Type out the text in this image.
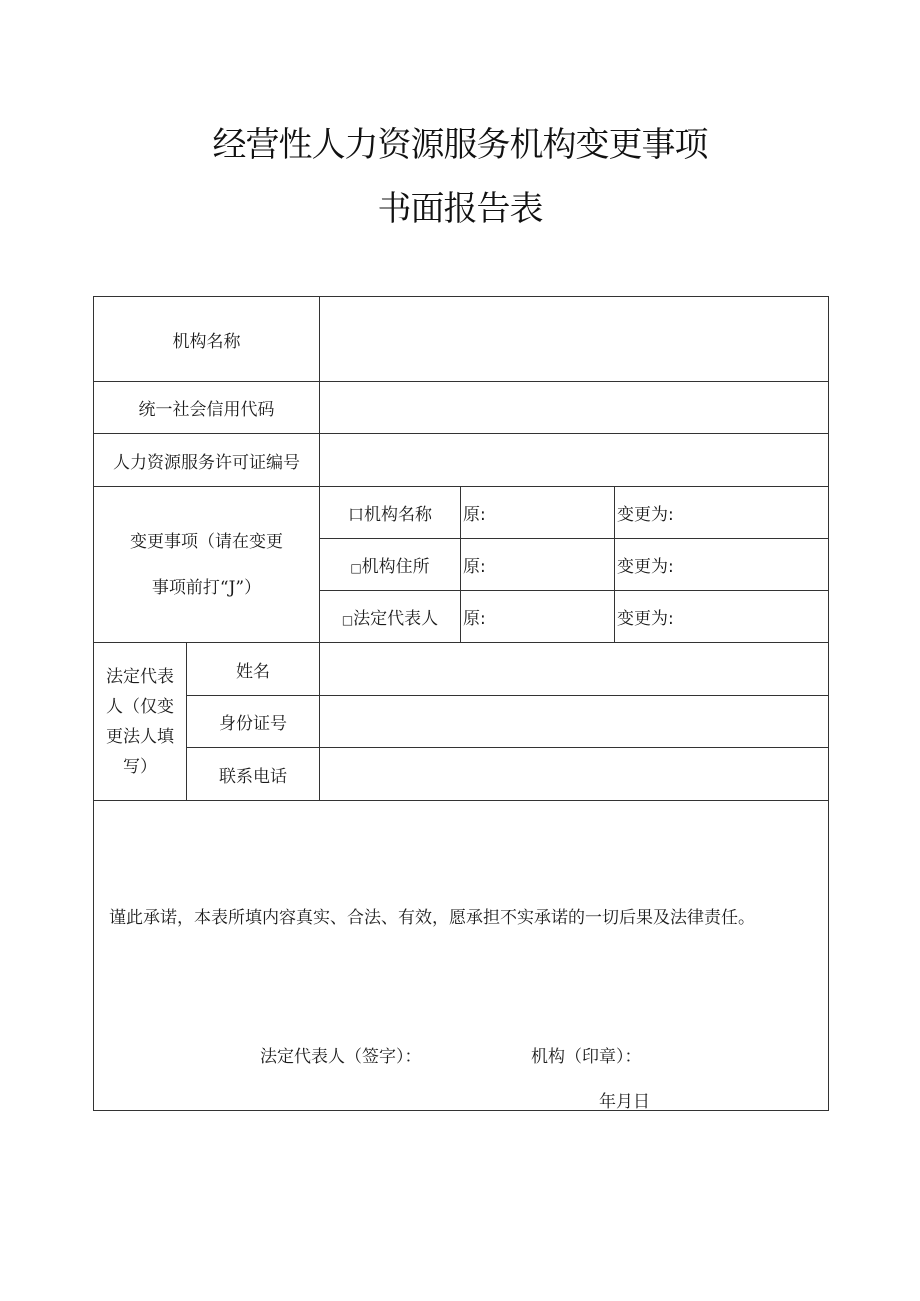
经营性人力资源服务机构变更事项
书面报告表
机构名称				
统一社会信用代码				
人力资源服务许可证编号				

变更事项（请在变更
事项前打“J”）		口机构名称	原:	变更为:
		□机构住所	原:	变更为:
		□法定代表人	原:	变更为:

法定代表
人（仅变
更法人填
写）	姓名			
	身份证号			
	联系电话			

谨此承诺，本表所填内容真实、合法、有效，愿承担不实承诺的一切后果及法律责任。
法定代表人（签字）： 机构（印章）：
年月日				
